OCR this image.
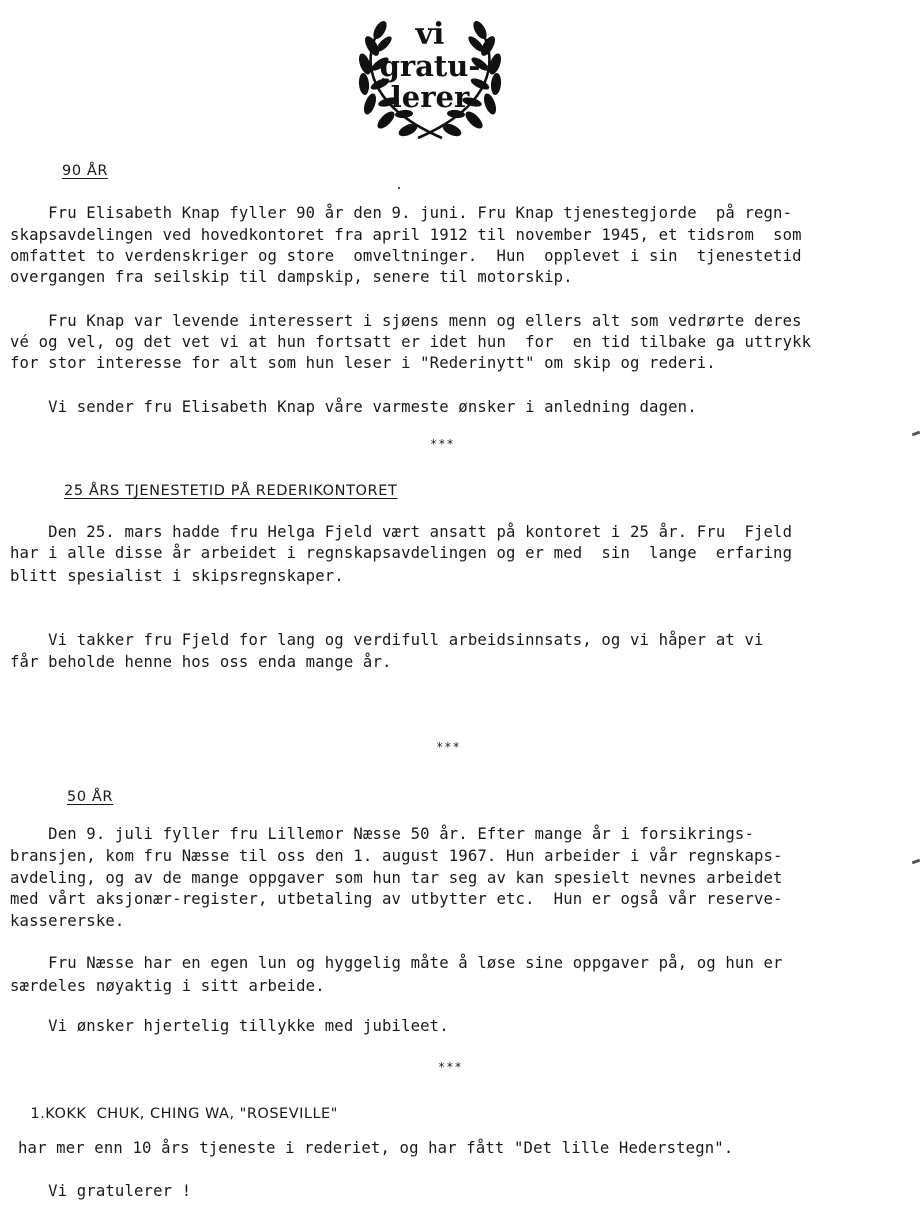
vi
gratu-
lerer
90 ÅR
Fru Elisabeth Knap fyller 90 år den 9. juni. Fru Knap tjenestegjorde  på regn-
skapsavdelingen ved hovedkontoret fra april 1912 til november 1945, et tidsrom  som
omfattet to verdenskriger og store  omveltninger.  Hun  opplevet i sin  tjenestetid
overgangen fra seilskip til dampskip, senere til motorskip.
Fru Knap var levende interessert i sjøens menn og ellers alt som vedrørte deres
vé og vel, og det vet vi at hun fortsatt er idet hun  for  en tid tilbake ga uttrykk
for stor interesse for alt som hun leser i "Rederinytt" om skip og rederi.
Vi sender fru Elisabeth Knap våre varmeste ønsker i anledning dagen.
***
25 ÅRS TJENESTETID PÅ REDERIKONTORET
Den 25. mars hadde fru Helga Fjeld vært ansatt på kontoret i 25 år. Fru  Fjeld
har i alle disse år arbeidet i regnskapsavdelingen og er med  sin  lange  erfaring
blitt spesialist i skipsregnskaper.
Vi takker fru Fjeld for lang og verdifull arbeidsinnsats, og vi håper at vi
får beholde henne hos oss enda mange år.
***
50 ÅR
Den 9. juli fyller fru Lillemor Næsse 50 år. Efter mange år i forsikrings-
bransjen, kom fru Næsse til oss den 1. august 1967. Hun arbeider i vår regnskaps-
avdeling, og av de mange oppgaver som hun tar seg av kan spesielt nevnes arbeidet
med vårt aksjonær-register, utbetaling av utbytter etc.  Hun er også vår reserve-
kassererske.
Fru Næsse har en egen lun og hyggelig måte å løse sine oppgaver på, og hun er
særdeles nøyaktig i sitt arbeide.
Vi ønsker hjertelig tillykke med jubileet.
***
1.KOKK  CHUK, CHING WA, "ROSEVILLE"
har mer enn 10 års tjeneste i rederiet, og har fått "Det lille Hederstegn".
Vi gratulerer !
